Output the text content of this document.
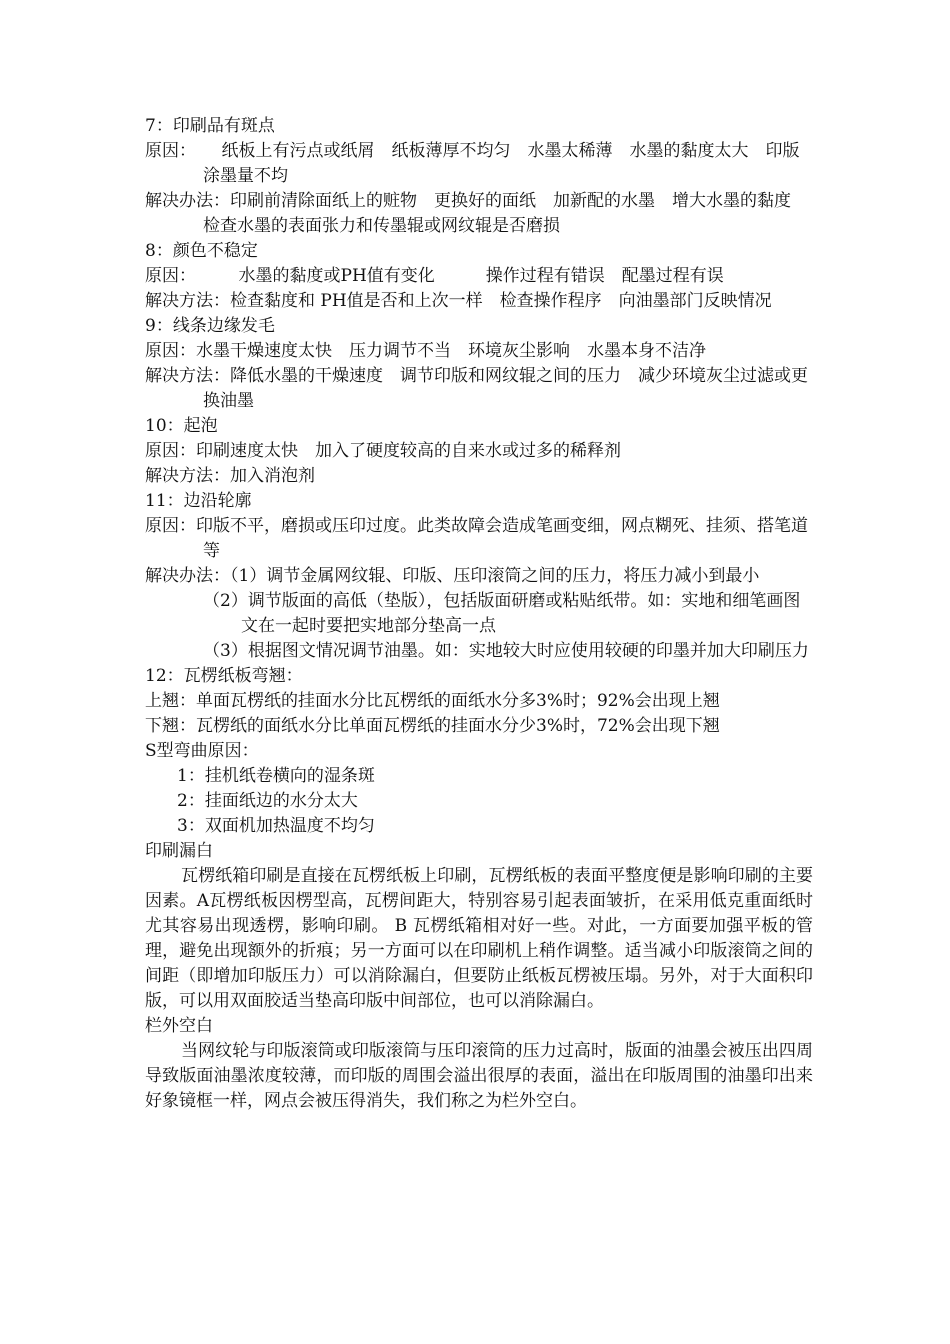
7：印刷品有斑点
原因：　　纸板上有污点或纸屑　纸板薄厚不均匀　水墨太稀薄　水墨的黏度太大　印版涂墨量不均
解决办法：印刷前清除面纸上的赃物　更换好的面纸　加新配的水墨　增大水墨的黏度　检查水墨的表面张力和传墨辊或网纹辊是否磨损
8：颜色不稳定
原因：　　　水墨的黏度或PH值有变化　　　操作过程有错误　配墨过程有误
解决方法：检查黏度和 PH值是否和上次一样　检查操作程序　向油墨部门反映情况
9：线条边缘发毛
原因：水墨干燥速度太快　压力调节不当　环境灰尘影响　水墨本身不洁净
解决方法：降低水墨的干燥速度　调节印版和网纹辊之间的压力　减少环境灰尘过滤或更换油墨
10：起泡
原因：印刷速度太快　加入了硬度较高的自来水或过多的稀释剂
解决方法：加入消泡剂
11：边沿轮廓
原因：印版不平，磨损或压印过度。此类故障会造成笔画变细，网点糊死、挂须、搭笔道等
解决办法：（1）调节金属网纹辊、印版、压印滚筒之间的压力，将压力减小到最小
（2）调节版面的高低（垫版），包括版面研磨或粘贴纸带。如：实地和细笔画图文在一起时要把实地部分垫高一点
（3）根据图文情况调节油墨。如：实地较大时应使用较硬的印墨并加大印刷压力
12：瓦楞纸板弯翘：
上翘：单面瓦楞纸的挂面水分比瓦楞纸的面纸水分多3%时；92%会出现上翘
下翘：瓦楞纸的面纸水分比单面瓦楞纸的挂面水分少3%时，72%会出现下翘
S型弯曲原因：
1：挂机纸卷横向的湿条斑
2：挂面纸边的水分太大
3：双面机加热温度不均匀
印刷漏白
瓦楞纸箱印刷是直接在瓦楞纸板上印刷，瓦楞纸板的表面平整度便是影响印刷的主要因素。A瓦楞纸板因楞型高，瓦楞间距大，特别容易引起表面皱折，在采用低克重面纸时尤其容易出现透楞，影响印刷。 B 瓦楞纸箱相对好一些。对此，一方面要加强平板的管理，避免出现额外的折痕；另一方面可以在印刷机上稍作调整。适当减小印版滚筒之间的间距（即增加印版压力）可以消除漏白，但要防止纸板瓦楞被压塌。另外，对于大面积印版，可以用双面胶适当垫高印版中间部位，也可以消除漏白。
栏外空白
当网纹轮与印版滚筒或印版滚筒与压印滚筒的压力过高时，版面的油墨会被压出四周导致版面油墨浓度较薄，而印版的周围会溢出很厚的表面，溢出在印版周围的油墨印出来好象镜框一样，网点会被压得消失，我们称之为栏外空白。
